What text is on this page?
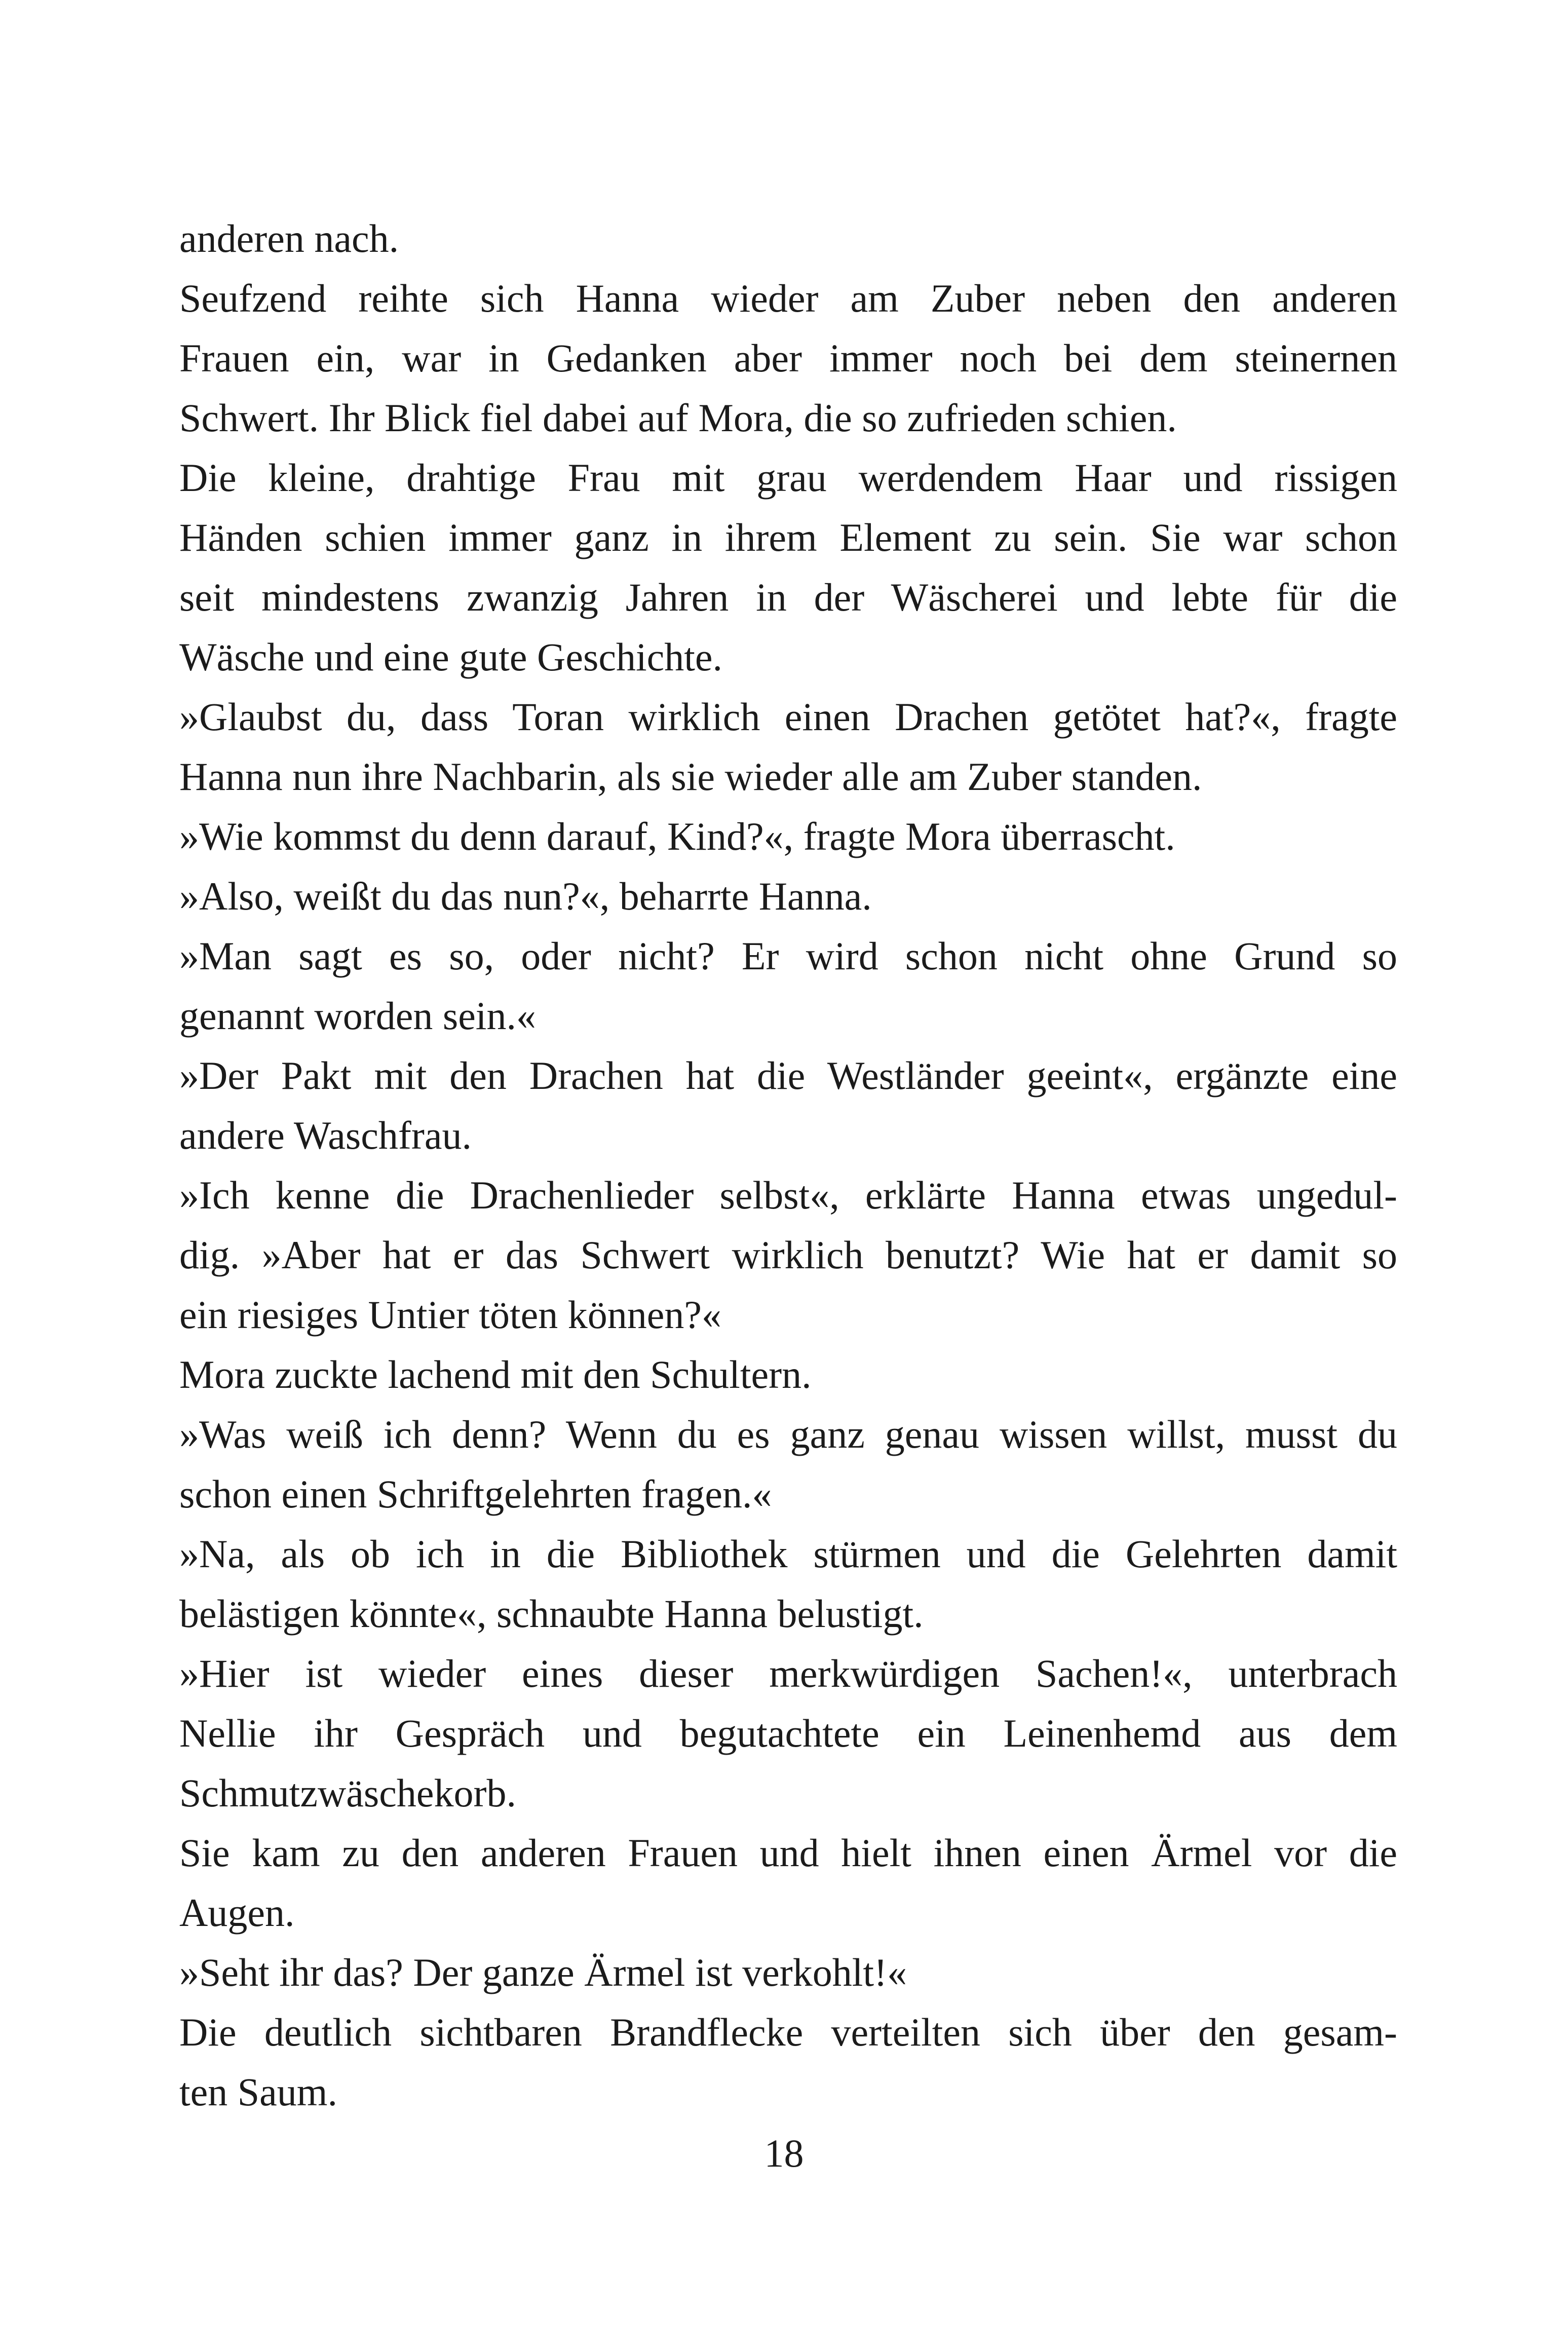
anderen nach.
Seufzend reihte sich Hanna wieder am Zuber neben den anderen
Frauen ein, war in Gedanken aber immer noch bei dem steinernen
Schwert. Ihr Blick fiel dabei auf Mora, die so zufrieden schien.
Die kleine, drahtige Frau mit grau werdendem Haar und rissigen
Händen schien immer ganz in ihrem Element zu sein. Sie war schon
seit mindestens zwanzig Jahren in der Wäscherei und lebte für die
Wäsche und eine gute Geschichte.
»Glaubst du, dass Toran wirklich einen Drachen getötet hat?«, fragte
Hanna nun ihre Nachbarin, als sie wieder alle am Zuber standen.
»Wie kommst du denn darauf, Kind?«, fragte Mora überrascht.
»Also, weißt du das nun?«, beharrte Hanna.
»Man sagt es so, oder nicht? Er wird schon nicht ohne Grund so
genannt worden sein.«
»Der Pakt mit den Drachen hat die Westländer geeint«, ergänzte eine
andere Waschfrau.
»Ich kenne die Drachenlieder selbst«, erklärte Hanna etwas ungedul-
dig. »Aber hat er das Schwert wirklich benutzt? Wie hat er damit so
ein riesiges Untier töten können?«
Mora zuckte lachend mit den Schultern.
»Was weiß ich denn? Wenn du es ganz genau wissen willst, musst du
schon einen Schriftgelehrten fragen.«
»Na, als ob ich in die Bibliothek stürmen und die Gelehrten damit
belästigen könnte«, schnaubte Hanna belustigt.
»Hier ist wieder eines dieser merkwürdigen Sachen!«, unterbrach
Nellie ihr Gespräch und begutachtete ein Leinenhemd aus dem
Schmutzwäschekorb.
Sie kam zu den anderen Frauen und hielt ihnen einen Ärmel vor die
Augen.
»Seht ihr das? Der ganze Ärmel ist verkohlt!«
Die deutlich sichtbaren Brandflecke verteilten sich über den gesam-
ten Saum.
18
